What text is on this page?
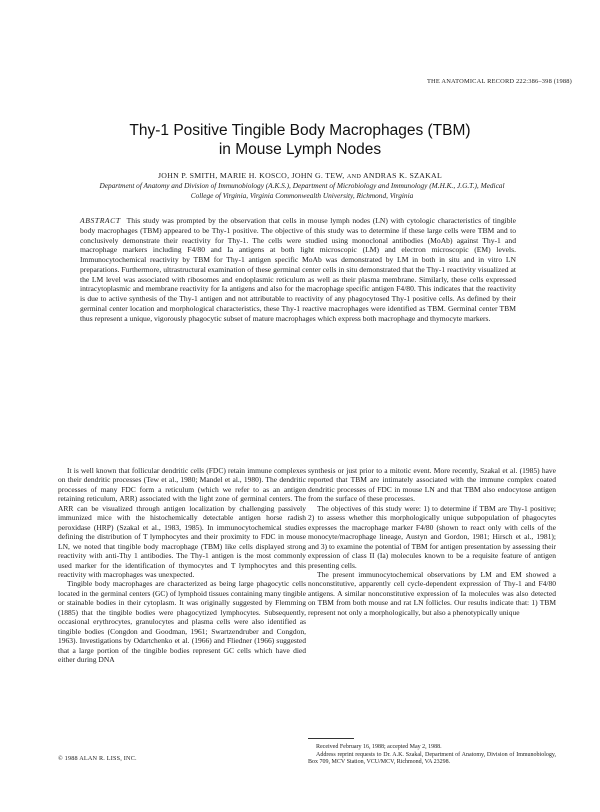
THE ANATOMICAL RECORD 222:386–398 (1988)
Thy-1 Positive Tingible Body Macrophages (TBM)
in Mouse Lymph Nodes
JOHN P. SMITH, MARIE H. KOSCO, JOHN G. TEW, AND ANDRAS K. SZAKAL
Department of Anatomy and Division of Immunobiology (A.K.S.), Department of Microbiology and Immunology (M.H.K., J.G.T.), Medical College of Virginia, Virginia Commonwealth University, Richmond, Virginia
ABSTRACT This study was prompted by the observation that cells in mouse lymph nodes (LN) with cytologic characteristics of tingible body macrophages (TBM) appeared to be Thy-1 positive. The objective of this study was to determine if these large cells were TBM and to conclusively demonstrate their reactivity for Thy-1. The cells were studied using monoclonal antibodies (MoAb) against Thy-1 and macrophage markers including F4/80 and Ia antigens at both light microscopic (LM) and electron microscopic (EM) levels. Immunocytochemical reactivity by TBM for Thy-1 antigen specific MoAb was demonstrated by LM in both in situ and in vitro LN preparations. Furthermore, ultrastructural examination of these germinal center cells in situ demonstrated that the Thy-1 reactivity visualized at the LM level was associated with ribosomes and endoplasmic reticulum as well as their plasma membrane. Similarly, these cells expressed intracytoplasmic and membrane reactivity for Ia antigens and also for the macrophage specific antigen F4/80. This indicates that the reactivity is due to active synthesis of the Thy-1 antigen and not attributable to reactivity of any phagocytosed Thy-1 positive cells. As defined by their germinal center location and morphological characteristics, these Thy-1 reactive macrophages were identified as TBM. Germinal center TBM thus represent a unique, vigorously phagocytic subset of mature macrophages which express both macrophage and thymocyte markers.

It is well known that follicular dendritic cells (FDC) retain immune complexes on their dendritic processes (Tew et al., 1980; Mandel et al., 1980). The dendritic processes of many FDC form a reticulum (which we refer to as an antigen retaining reticulum, ARR) associated with the light zone of germinal centers. The ARR can be visualized through antigen localization by challenging passively immunized mice with the histochemically detectable antigen horse radish peroxidase (HRP) (Szakal et al., 1983, 1985). In immunocytochemical studies defining the distribution of T lymphocytes and their proximity to FDC in mouse LN, we noted that tingible body macrophage (TBM) like cells displayed strong reactivity with anti-Thy 1 antibodies. The Thy-1 antigen is the most commonly used marker for the identification of thymocytes and T lymphocytes and this reactivity with macrophages was unexpected.

Tingible body macrophages are characterized as being large phagocytic cells located in the germinal centers (GC) of lymphoid tissues containing many tingible or stainable bodies in their cytoplasm. It was originally suggested by Flemming (1885) that the tingible bodies were phagocytized lymphocytes. Subsequently, occasional erythrocytes, granulocytes and plasma cells were also identified as tingible bodies (Congdon and Goodman, 1961; Swartzendruber and Congdon, 1963). Investigations by Odartchenko et al. (1966) and Fliedner (1966) suggested that a large portion of the tingible bodies represent GC cells which have died either during DNA

synthesis or just prior to a mitotic event. More recently, Szakal et al. (1985) have reported that TBM are intimately associated with the immune complex coated dendritic processes of FDC in mouse LN and that TBM also endocytose antigen from the surface of these processes.

The objectives of this study were: 1) to determine if TBM are Thy-1 positive; 2) to assess whether this morphologically unique subpopulation of phagocytes expresses the macrophage marker F4/80 (shown to react only with cells of the monocyte/macrophage lineage, Austyn and Gordon, 1981; Hirsch et al., 1981); and 3) to examine the potential of TBM for antigen presentation by assessing their expression of class II (Ia) molecules known to be a requisite feature of antigen presenting cells.

The present immunocytochemical observations by LM and EM showed a nonconstitutive, apparently cell cycle-dependent expression of Thy-1 and F4/80 antigens. A similar nonconstitutive expression of Ia molecules was also detected on TBM from both mouse and rat LN follicles. Our results indicate that: 1) TBM represent not only a morphologically, but also a phenotypically unique

Received February 16, 1988; accepted May 2, 1988.

Address reprint requests to Dr. A.K. Szakal, Department of Anatomy, Division of Immunobiology, Box 709, MCV Station, VCU/MCV, Richmond, VA 23298.

© 1988 ALAN R. LISS, INC.
